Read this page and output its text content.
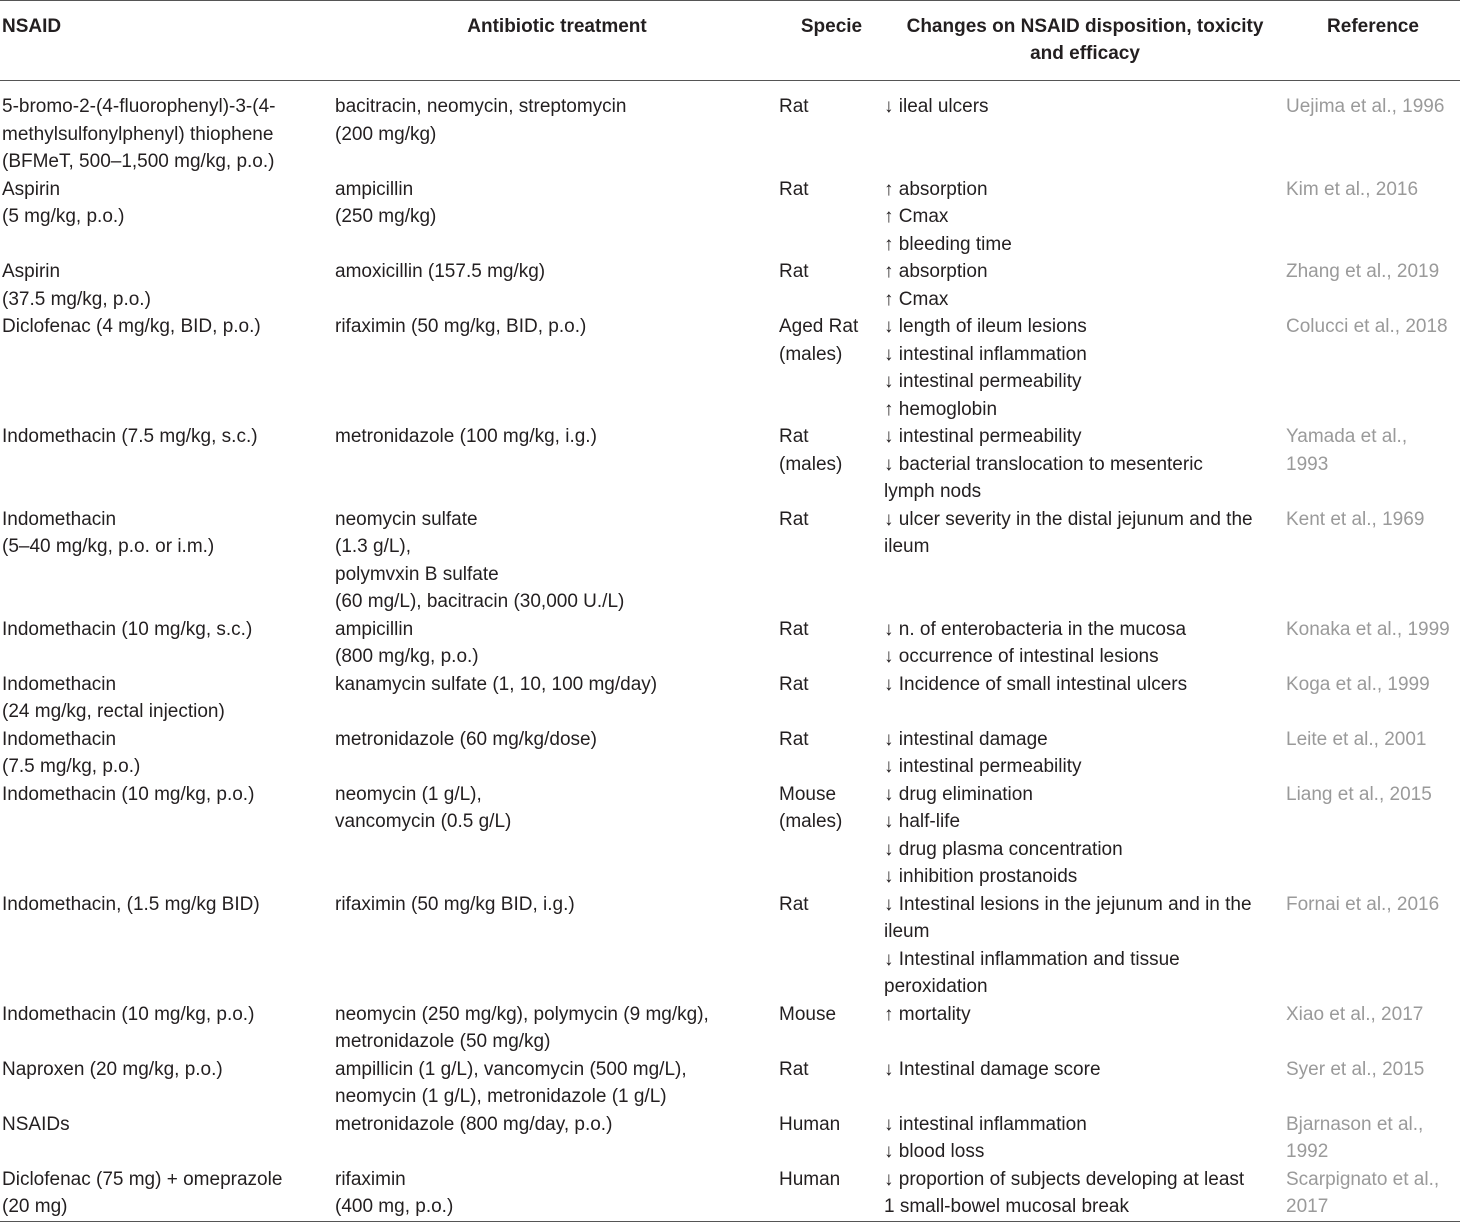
NSAID	Antibiotic treatment	Specie	Changes on NSAID disposition, toxicity
and efficacy	Reference

5-bromo-2-(4-fluorophenyl)-3-(4-
methylsulfonylphenyl) thiophene
(BFMeT, 500–1,500 mg/kg, p.o.)	bacitracin, neomycin, streptomycin
(200 mg/kg)	Rat	↓ ileal ulcers	Uejima et al., 1996

Aspirin
(5 mg/kg, p.o.)	ampicillin
(250 mg/kg)	Rat	↑ absorption
↑ Cmax
↑ bleeding time	Kim et al., 2016

Aspirin
(37.5 mg/kg, p.o.)	amoxicillin (157.5 mg/kg)	Rat	↑ absorption
↑ Cmax	Zhang et al., 2019

Diclofenac (4 mg/kg, BID, p.o.)	rifaximin (50 mg/kg, BID, p.o.)	Aged Rat
(males)	↓ length of ileum lesions
↓ intestinal inflammation
↓ intestinal permeability
↑ hemoglobin	Colucci et al., 2018

Indomethacin (7.5 mg/kg, s.c.)	metronidazole (100 mg/kg, i.g.)	Rat
(males)	↓ intestinal permeability
↓ bacterial translocation to mesenteric
lymph nods	Yamada et al.,
1993

Indomethacin
(5–40 mg/kg, p.o. or i.m.)	neomycin sulfate
(1.3 g/L),
polymvxin B sulfate
(60 mg/L), bacitracin (30,000 U./L)	Rat	↓ ulcer severity in the distal jejunum and the
ileum	Kent et al., 1969

Indomethacin (10 mg/kg, s.c.)	ampicillin
(800 mg/kg, p.o.)	Rat	↓ n. of enterobacteria in the mucosa
↓ occurrence of intestinal lesions	Konaka et al., 1999

Indomethacin
(24 mg/kg, rectal injection)	kanamycin sulfate (1, 10, 100 mg/day)	Rat	↓ Incidence of small intestinal ulcers	Koga et al., 1999

Indomethacin
(7.5 mg/kg, p.o.)	metronidazole (60 mg/kg/dose)	Rat	↓ intestinal damage
↓ intestinal permeability	Leite et al., 2001

Indomethacin (10 mg/kg, p.o.)	neomycin (1 g/L),
vancomycin (0.5 g/L)	Mouse
(males)	↓ drug elimination
↓ half-life
↓ drug plasma concentration
↓ inhibition prostanoids	Liang et al., 2015

Indomethacin, (1.5 mg/kg BID)	rifaximin (50 mg/kg BID, i.g.)	Rat	↓ Intestinal lesions in the jejunum and in the
ileum
↓ Intestinal inflammation and tissue
peroxidation	Fornai et al., 2016

Indomethacin (10 mg/kg, p.o.)	neomycin (250 mg/kg), polymycin (9 mg/kg),
metronidazole (50 mg/kg)	Mouse	↑ mortality	Xiao et al., 2017

Naproxen (20 mg/kg, p.o.)	ampillicin (1 g/L), vancomycin (500 mg/L),
neomycin (1 g/L), metronidazole (1 g/L)	Rat	↓ Intestinal damage score	Syer et al., 2015

NSAIDs	metronidazole (800 mg/day, p.o.)	Human	↓ intestinal inflammation
↓ blood loss	Bjarnason et al.,
1992

Diclofenac (75 mg) + omeprazole
(20 mg)	rifaximin
(400 mg, p.o.)	Human	↓ proportion of subjects developing at least
1 small-bowel mucosal break	Scarpignato et al.,
2017
